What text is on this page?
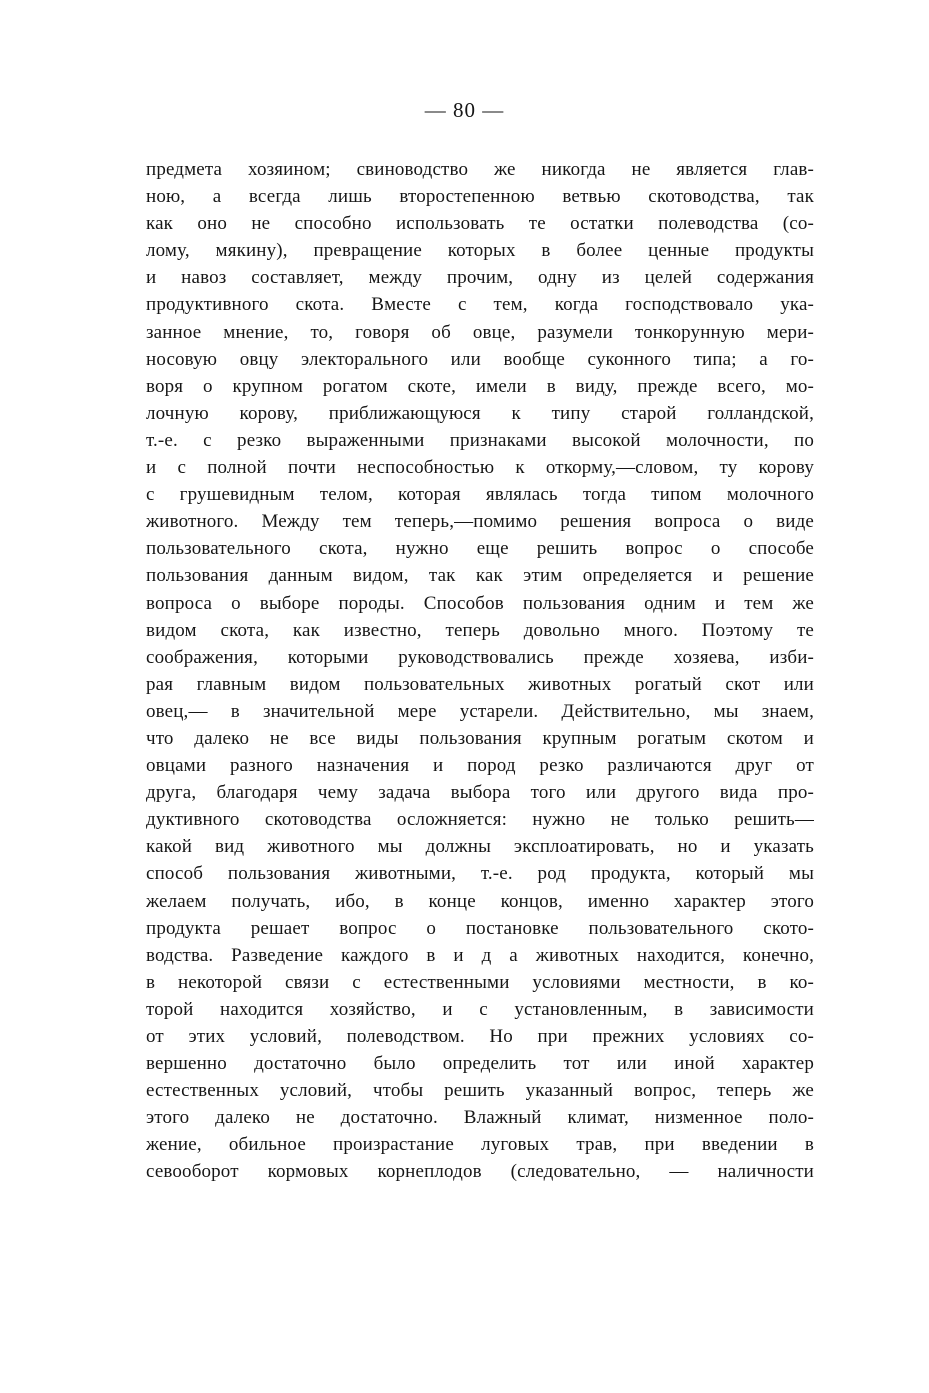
— 80 —
предмета хозяином; свиноводство же никогда не является глав-
ною, а всегда лишь второстепенною ветвью скотоводства, так
как оно не способно использовать те остатки полеводства (со-
лому, мякину), превращение которых в более ценные продукты
и навоз составляет, между прочим, одну из целей содержания
продуктивного скота. Вместе с тем, когда господствовало ука-
занное мнение, то, говоря об овце, разумели тонкорунную мери-
носовую овцу электорального или вообще суконного типа; а го-
воря о крупном рогатом скоте, имели в виду, прежде всего, мо-
лочную корову, приближающуюся к типу старой голландской,
т.-е. с резко выраженными признаками высокой молочности, по
и с полной почти неспособностью к откорму,—словом, ту корову
с грушевидным телом, которая являлась тогда типом молочного
животного. Между тем теперь,—помимо решения вопроса о виде
пользовательного скота, нужно еще решить вопрос о способе
пользования данным видом, так как этим определяется и решение
вопроса о выборе породы. Способов пользования одним и тем же
видом скота, как известно, теперь довольно много. Поэтому те
соображения, которыми руководствовались прежде хозяева, изби-
рая главным видом пользовательных животных рогатый скот или
овец,— в значительной мере устарели. Действительно, мы знаем,
что далеко не все виды пользования крупным рогатым скотом и
овцами разного назначения и пород резко различаются друг от
друга, благодаря чему задача выбора того или другого вида про-
дуктивного скотоводства осложняется: нужно не только решить—
какой вид животного мы должны эксплоатировать, но и указать
способ пользования животными, т.-е. род продукта, который мы
желаем получать, ибо, в конце концов, именно характер этого
продукта решает вопрос о постановке пользовательного ското-
водства. Разведение каждого в и д а животных находится, конечно,
в некоторой связи с естественными условиями местности, в ко-
торой находится хозяйство, и с установленным, в зависимости
от этих условий, полеводством. Но при прежних условиях со-
вершенно достаточно было определить тот или иной характер
естественных условий, чтобы решить указанный вопрос, теперь же
этого далеко не достаточно. Влажный климат, низменное поло-
жение, обильное произрастание луговых трав, при введении в
севооборот кормовых корнеплодов (следовательно, — наличности
